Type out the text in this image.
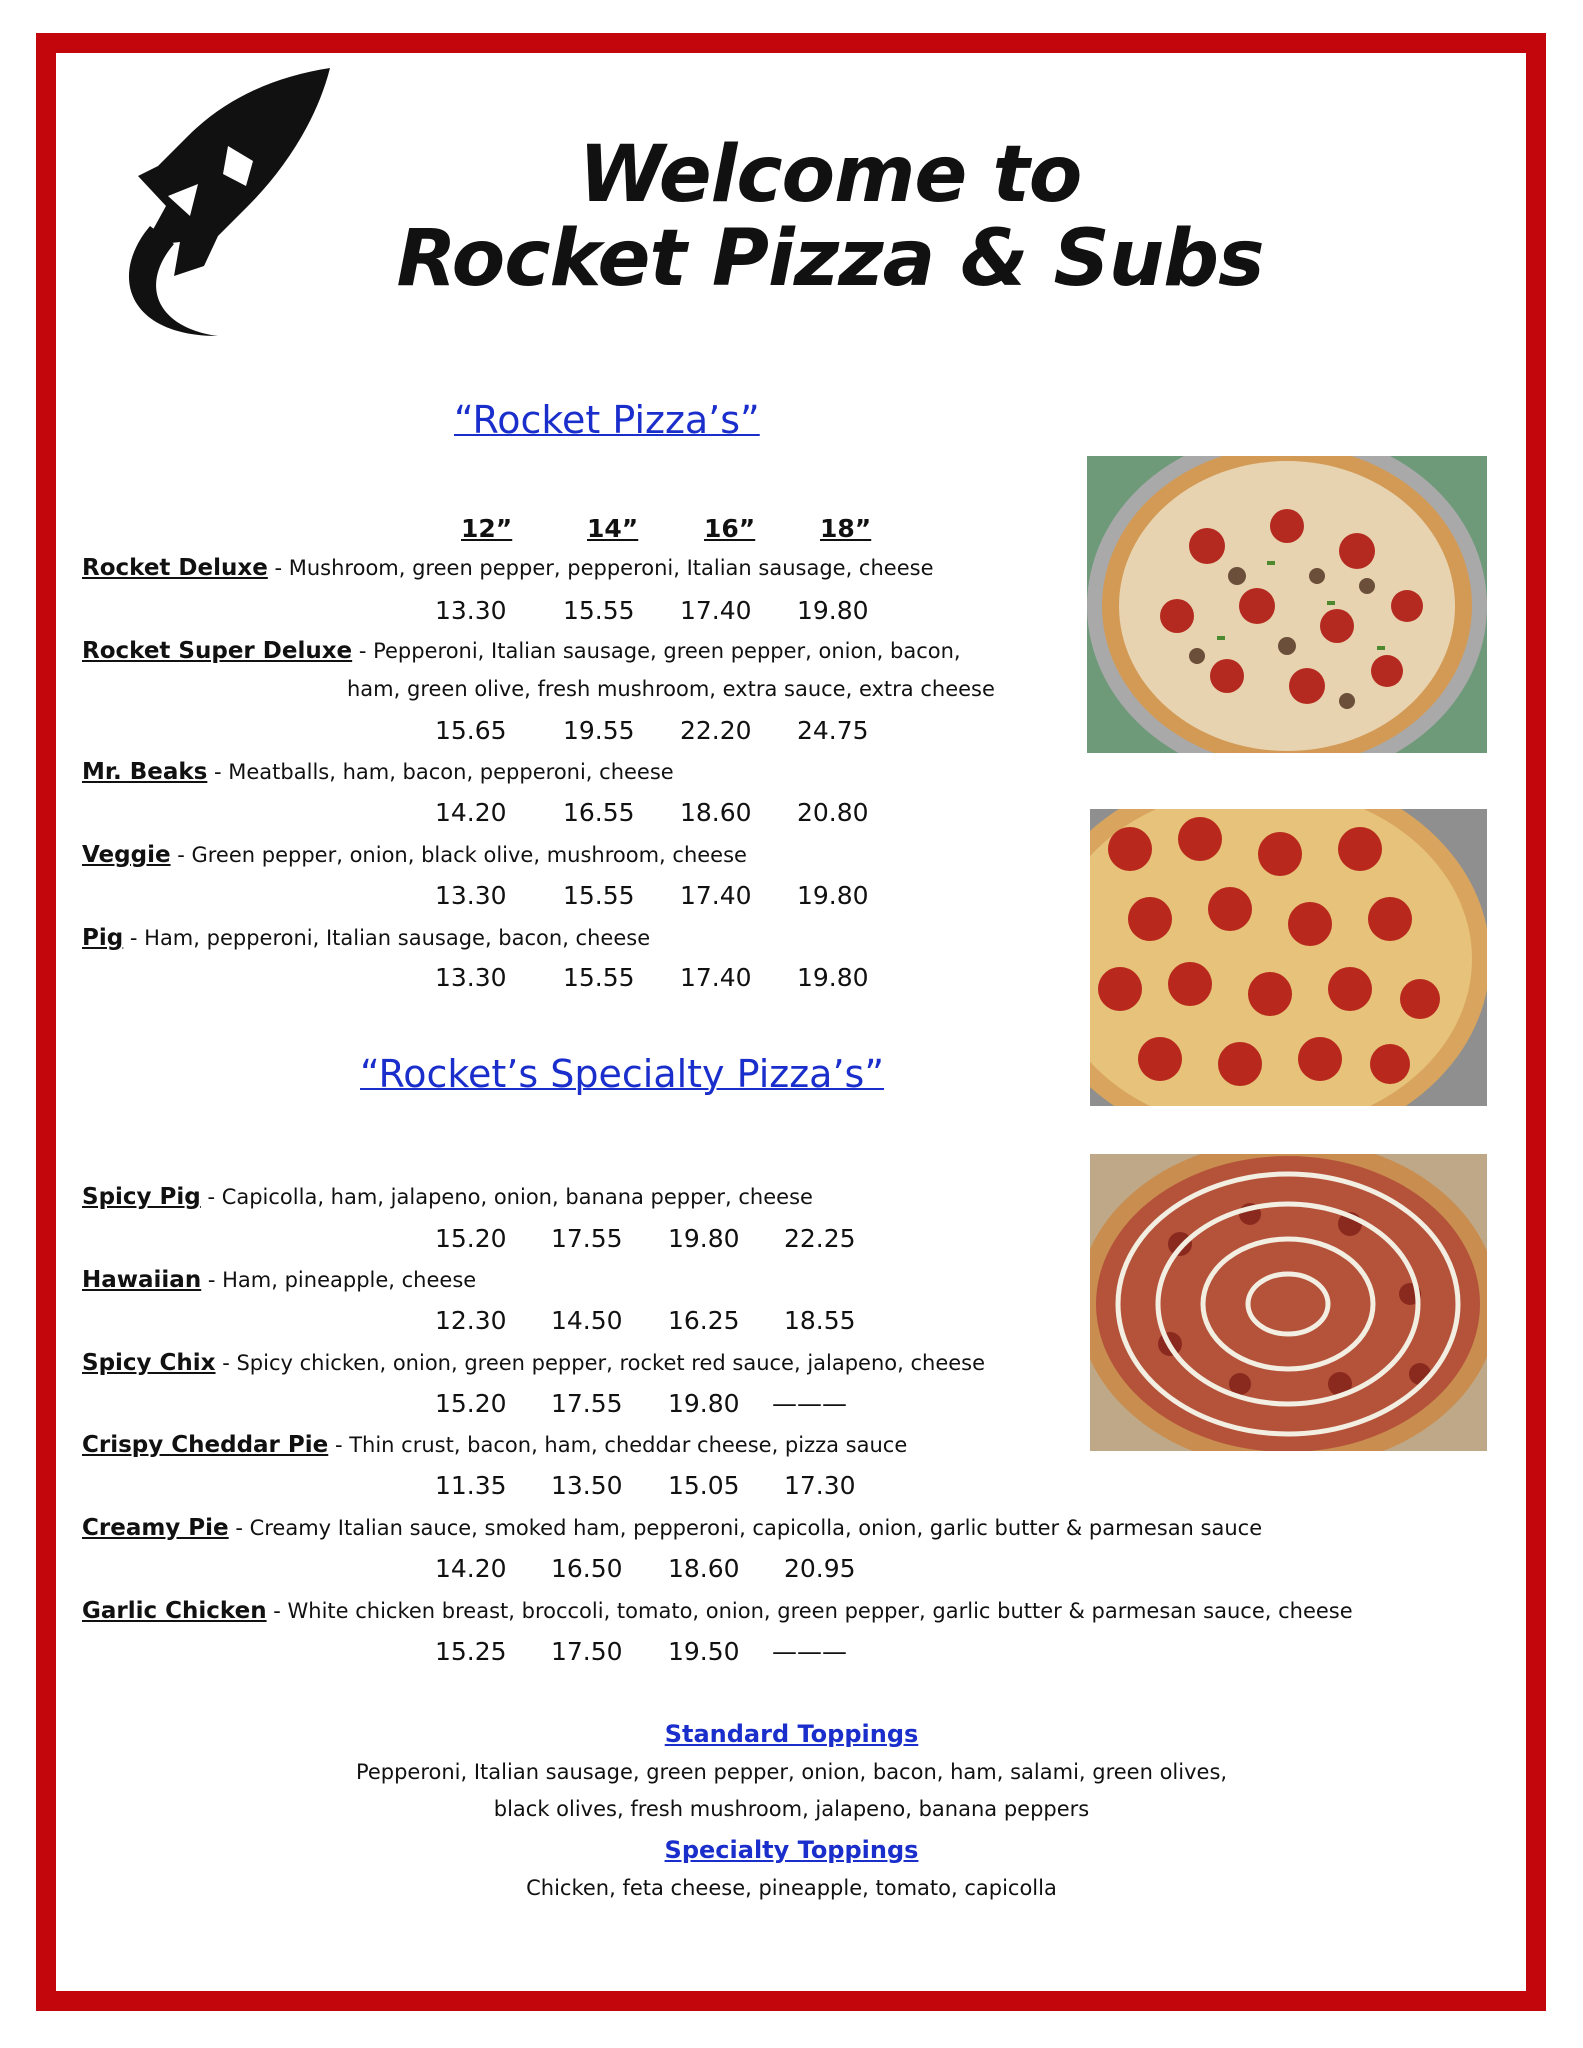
Welcome to
Rocket Pizza & Subs
“Rocket Pizza’s”
12”	14”	16”	18”
Rocket Deluxe - Mushroom, green pepper, pepperoni, Italian sausage, cheese
13.30 15.55 17.40 19.80
Rocket Super Deluxe - Pepperoni, Italian sausage, green pepper, onion, bacon,
ham, green olive, fresh mushroom, extra sauce, extra cheese
15.65 19.55 22.20 24.75
Mr. Beaks - Meatballs, ham, bacon, pepperoni, cheese
14.20 16.55 18.60 20.80
Veggie - Green pepper, onion, black olive, mushroom, cheese
13.30 15.55 17.40 19.80
Pig - Ham, pepperoni, Italian sausage, bacon, cheese
13.30 15.55 17.40 19.80
“Rocket’s Specialty Pizza’s”
Spicy Pig - Capicolla, ham, jalapeno, onion, banana pepper, cheese
15.20 17.55 19.80 22.25
Hawaiian - Ham, pineapple, cheese
12.30 14.50 16.25 18.55
Spicy Chix - Spicy chicken, onion, green pepper, rocket red sauce, jalapeno, cheese
15.20 17.55 19.80 ———
Crispy Cheddar Pie - Thin crust, bacon, ham, cheddar cheese, pizza sauce
11.35 13.50 15.05 17.30
Creamy Pie - Creamy Italian sauce, smoked ham, pepperoni, capicolla, onion, garlic butter & parmesan sauce
14.20 16.50 18.60 20.95
Garlic Chicken - White chicken breast, broccoli, tomato, onion, green pepper, garlic butter & parmesan sauce, cheese
15.25 17.50 19.50 ———
Standard Toppings
Pepperoni, Italian sausage, green pepper, onion, bacon, ham, salami, green olives,
black olives, fresh mushroom, jalapeno, banana peppers
Specialty Toppings
Chicken, feta cheese, pineapple, tomato, capicolla
